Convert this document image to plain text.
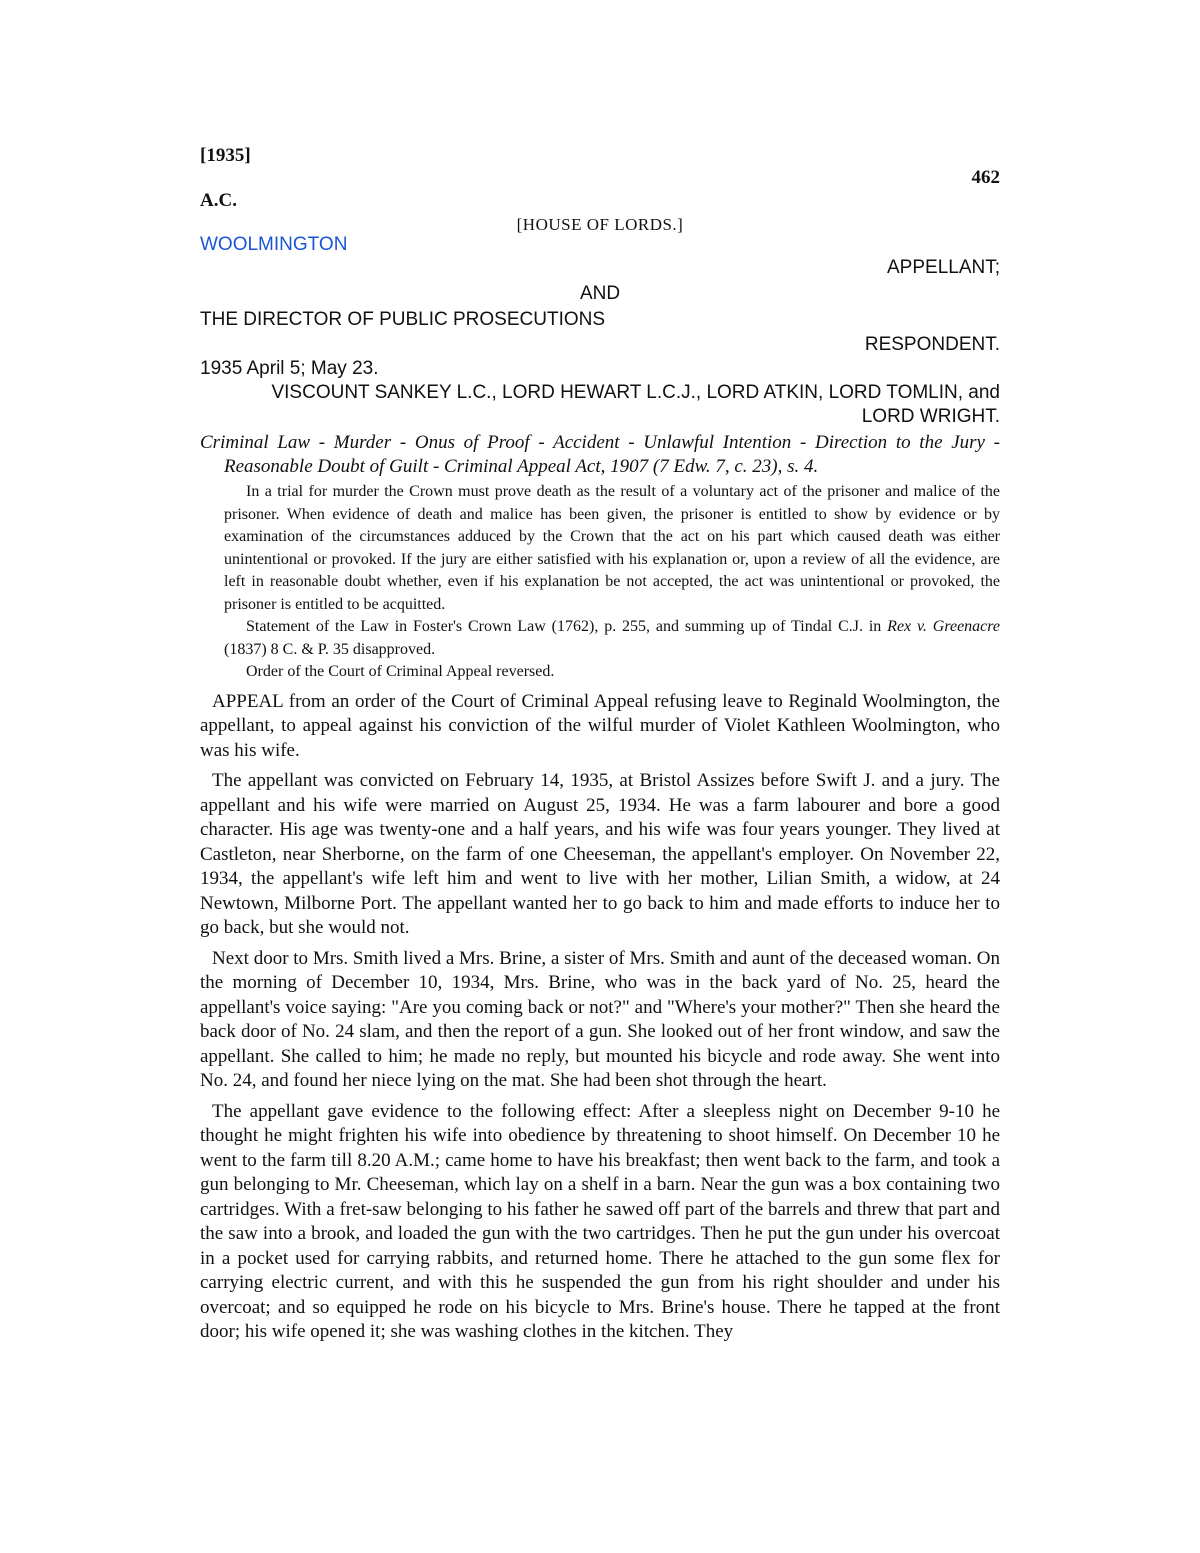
[1935]
462
A.C.
[HOUSE OF LORDS.]
WOOLMINGTON
APPELLANT;
AND
THE DIRECTOR OF PUBLIC PROSECUTIONS
RESPONDENT.

1935 April 5; May 23.

VISCOUNT SANKEY L.C., LORD HEWART L.C.J., LORD ATKIN, LORD TOMLIN, and LORD WRIGHT.

Criminal Law - Murder - Onus of Proof - Accident - Unlawful Intention - Direction to the Jury - Reasonable Doubt of Guilt - Criminal Appeal Act, 1907 (7 Edw. 7, c. 23), s. 4.

In a trial for murder the Crown must prove death as the result of a voluntary act of the prisoner and malice of the prisoner. When evidence of death and malice has been given, the prisoner is entitled to show by evidence or by examination of the circumstances adduced by the Crown that the act on his part which caused death was either unintentional or provoked. If the jury are either satisfied with his explanation or, upon a review of all the evidence, are left in reasonable doubt whether, even if his explanation be not accepted, the act was unintentional or provoked, the prisoner is entitled to be acquitted.

Statement of the Law in Foster's Crown Law (1762), p. 255, and summing up of Tindal C.J. in Rex v. Greenacre (1837) 8 C. & P. 35 disapproved.

Order of the Court of Criminal Appeal reversed.

APPEAL from an order of the Court of Criminal Appeal refusing leave to Reginald Woolmington, the appellant, to appeal against his conviction of the wilful murder of Violet Kathleen Woolmington, who was his wife.

The appellant was convicted on February 14, 1935, at Bristol Assizes before Swift J. and a jury. The appellant and his wife were married on August 25, 1934. He was a farm labourer and bore a good character. His age was twenty-one and a half years, and his wife was four years younger. They lived at Castleton, near Sherborne, on the farm of one Cheeseman, the appellant's employer. On November 22, 1934, the appellant's wife left him and went to live with her mother, Lilian Smith, a widow, at 24 Newtown, Milborne Port. The appellant wanted her to go back to him and made efforts to induce her to go back, but she would not.

Next door to Mrs. Smith lived a Mrs. Brine, a sister of Mrs. Smith and aunt of the deceased woman. On the morning of December 10, 1934, Mrs. Brine, who was in the back yard of No. 25, heard the appellant's voice saying: "Are you coming back or not?" and "Where's your mother?" Then she heard the back door of No. 24 slam, and then the report of a gun. She looked out of her front window, and saw the appellant. She called to him; he made no reply, but mounted his bicycle and rode away. She went into No. 24, and found her niece lying on the mat. She had been shot through the heart.

The appellant gave evidence to the following effect: After a sleepless night on December 9-10 he thought he might frighten his wife into obedience by threatening to shoot himself. On December 10 he went to the farm till 8.20 A.M.; came home to have his breakfast; then went back to the farm, and took a gun belonging to Mr. Cheeseman, which lay on a shelf in a barn. Near the gun was a box containing two cartridges. With a fret-saw belonging to his father he sawed off part of the barrels and threw that part and the saw into a brook, and loaded the gun with the two cartridges. Then he put the gun under his overcoat in a pocket used for carrying rabbits, and returned home. There he attached to the gun some flex for carrying electric current, and with this he suspended the gun from his right shoulder and under his overcoat; and so equipped he rode on his bicycle to Mrs. Brine's house. There he tapped at the front door; his wife opened it; she was washing clothes in the kitchen. They
